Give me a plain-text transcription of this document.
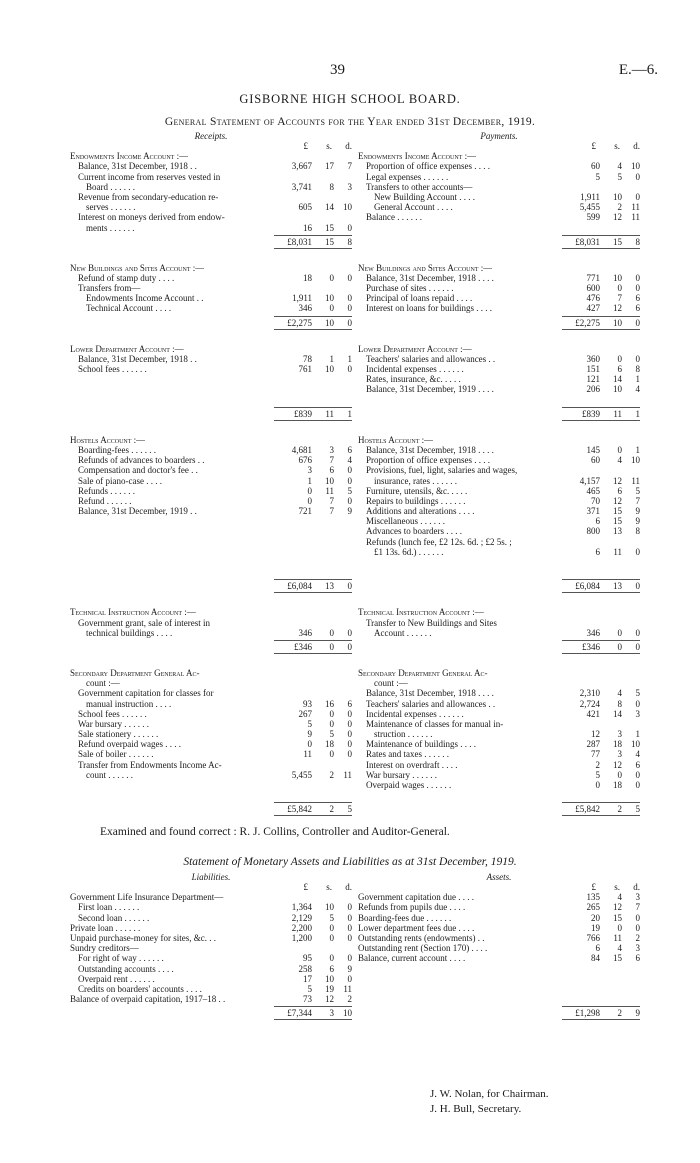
39	E.—6.
GISBORNE HIGH SCHOOL BOARD.
General Statement of Accounts for the Year ended 31st December, 1919.
Receipts.
£ s. d.
Endowments Income Account :—
Balance, 31st December, 1918 . .	3,667 17 7
Current income from reserves vested in
Board . . . . . .	3,741 8 3
Revenue from secondary-education re-
serves . . . . . .	605 14 10
Interest on moneys derived from endow-
ments . . . . . .	16 15 0
£8,031 15 8
New Buildings and Sites Account :—
Refund of stamp duty . . . .	18 0 0
Transfers from—
Endowments Income Account . .	1,911 10 0
Technical Account . . . .	346 0 0
£2,275 10 0
Lower Department Account :—
Balance, 31st December, 1918 . .	78 1 1
School fees . . . . . .	761 10 0
£839 11 1
Hostels Account :—
Boarding-fees . . . . . .	4,681 3 6
Refunds of advances to boarders . .	676 7 4
Compensation and doctor's fee . .	3 6 0
Sale of piano-case . . . .	1 10 0
Refunds . . . . . .	0 11 5
Refund . . . . . .	0 7 0
Balance, 31st December, 1919 . .	721 7 9
£6,084 13 0
Technical Instruction Account :—
Government grant, sale of interest in
technical buildings . . . .	346 0 0
£346 0 0
Secondary Department General Ac-
count :—
Government capitation for classes for
manual instruction . . . .	93 16 6
School fees . . . . . .	267 0 0
War bursary . . . . . .	5 0 0
Sale stationery . . . . . .	9 5 0
Refund overpaid wages . . . .	0 18 0
Sale of boiler . . . . . .	11 0 0
Transfer from Endowments Income Ac-
count . . . . . .	5,455 2 11
£5,842 2 5
Payments.
£ s. d.
Endowments Income Account :—
Proportion of office expenses . . . .	60 4 10
Legal expenses . . . . . .	5 5 0
Transfers to other accounts—
New Building Account . . . .	1,911 10 0
General Account . . . .	5,455 2 11
Balance . . . . . .	599 12 11
£8,031 15 8
New Buildings and Sites Account :—
Balance, 31st December, 1918 . . . .	771 10 0
Purchase of sites . . . . . .	600 0 0
Principal of loans repaid . . . .	476 7 6
Interest on loans for buildings . . . .	427 12 6
£2,275 10 0
Lower Department Account :—
Teachers' salaries and allowances . .	360 0 0
Incidental expenses . . . . . .	151 6 8
Rates, insurance, &c. . . . .	121 14 1
Balance, 31st December, 1919 . . . .	206 10 4
£839 11 1
Hostels Account :—
Balance, 31st December, 1918 . . . .	145 0 1
Proportion of office expenses . . . .	60 4 10
Provisions, fuel, light, salaries and wages,
insurance, rates . . . . . .	4,157 12 11
Furniture, utensils, &c. . . . .	465 6 5
Repairs to buildings . . . . . .	70 12 7
Additions and alterations . . . .	371 15 9
Miscellaneous . . . . . .	6 15 9
Advances to boarders . . . .	800 13 8
Refunds (lunch fee, £2 12s. 6d. ; £2 5s. ;
£1 13s. 6d.) . . . . . .	6 11 0
£6,084 13 0
Technical Instruction Account :—
Transfer to New Buildings and Sites
Account . . . . . .	346 0 0
£346 0 0
Secondary Department General Ac-
count :—
Balance, 31st December, 1918 . . . .	2,310 4 5
Teachers' salaries and allowances . .	2,724 8 0
Incidental expenses . . . . . .	421 14 3
Maintenance of classes for manual in-
struction . . . . . .	12 3 1
Maintenance of buildings . . . .	287 18 10
Rates and taxes . . . . . .	77 3 4
Interest on overdraft . . . .	2 12 6
War bursary . . . . . .	5 0 0
Overpaid wages . . . . . .	0 18 0
£5,842 2 5
Examined and found correct : R. J. Collins, Controller and Auditor-General.
Statement of Monetary Assets and Liabilities as at 31st December, 1919.
Liabilities.
£ s. d.
Government Life Insurance Department—
First loan . . . . . .	1,364 10 0
Second loan . . . . . .	2,129 5 0
Private loan . . . . . .	2,200 0 0
Unpaid purchase-money for sites, &c. . .	1,200 0 0
Sundry creditors—
For right of way . . . . . .	95 0 0
Outstanding accounts . . . .	258 6 9
Overpaid rent . . . . . .	17 10 0
Credits on boarders' accounts . . . .	5 19 11
Balance of overpaid capitation, 1917–18 . .	73 12 2
£7,344 3 10
Assets.
£ s. d.
Government capitation due . . . .	135 4 3
Refunds from pupils due . . . .	265 12 7
Boarding-fees due . . . . . .	20 15 0
Lower department fees due . . . .	19 0 0
Outstanding rents (endowments) . .	766 11 2
Outstanding rent (Section 170) . . . .	6 4 3
Balance, current account . . . .	84 15 6
£1,298 2 9
J. W. Nolan, for Chairman.
J. H. Bull, Secretary.
